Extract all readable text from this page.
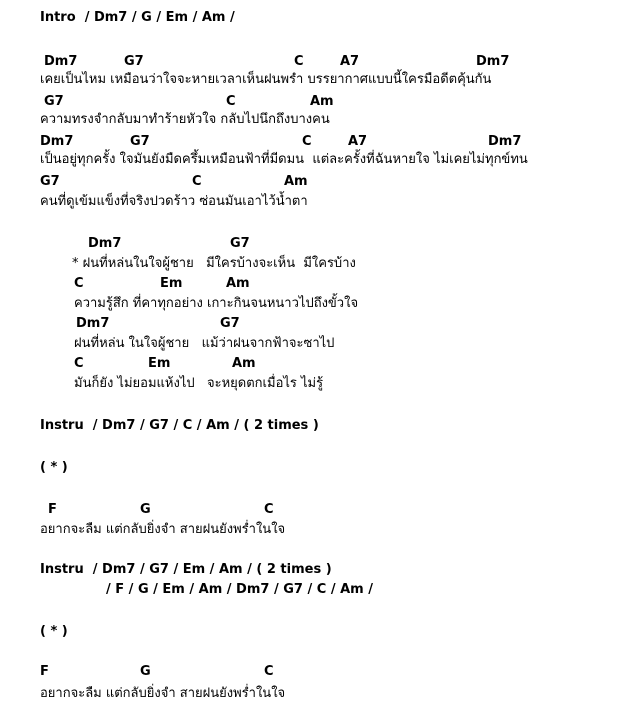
Intro  / Dm7 / G / Em / Am /
Dm7	G7	C	A7	Dm7
เคยเป็นไหม เหมือนว่าใจจะหายเวลาเห็นฝนพรำ บรรยากาศแบบนี้ใครมือดีตคุ้นกัน
G7	C	Am
ความทรงจำกลับมาทำร้ายหัวใจ กลับไปนึกถึงบางคน
Dm7	G7	C	A7	Dm7
เป็นอยู่ทุกครั้ง ใจมันยังมืดครึ้มเหมือนฟ้าที่มีดมน  แต่ละครั้งที่ฉันหายใจ ไม่เคยไม่ทุกข์ทน
G7	C	Am
คนที่ดูเข้มแข็งที่จริงปวดร้าว ซ่อนมันเอาไว้น้ำตา
Dm7	G7
* ฝนที่หล่นในใจผู้ชาย   มีใครบ้างจะเห็น  มีใครบ้าง
C	Em	Am
ความรู้สึก ที่คาทุกอย่าง เกาะกินจนหนาวไปถึงขั้วใจ
Dm7	G7
ฝนที่หล่น ในใจผู้ชาย   แม้ว่าฝนจากฟ้าจะซาไป
C	Em	Am
มันก็ยัง ไม่ยอมแห้งไป   จะหยุดตกเมื่อไร ไม่รู้
Instru  / Dm7 / G7 / C / Am / ( 2 times )
( * )
F	G	C
อยากจะลืม แต่กลับยิ่งจำ สายฝนยังพร่ำในใจ
Instru  / Dm7 / G7 / Em / Am / ( 2 times )
/ F / G / Em / Am / Dm7 / G7 / C / Am /
( * )
F	G	C
อยากจะลืม แต่กลับยิ่งจำ สายฝนยังพร่ำในใจ
